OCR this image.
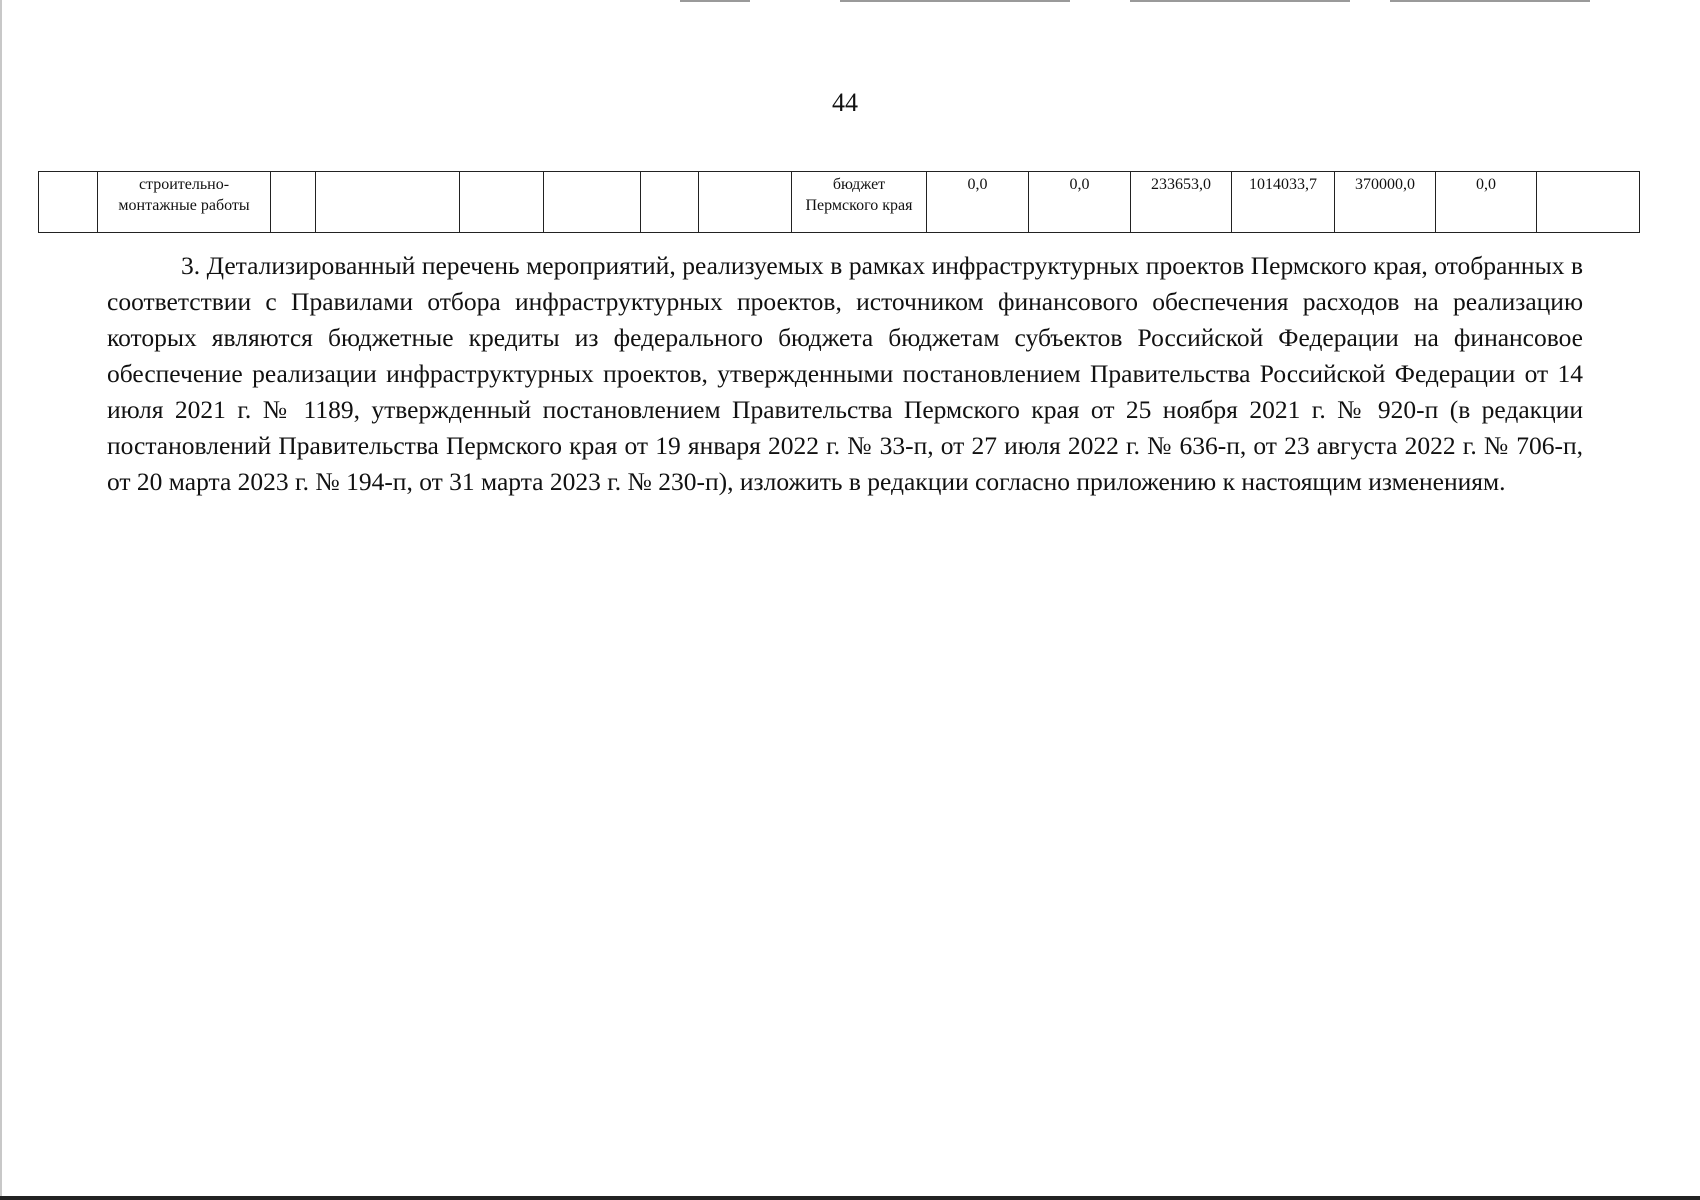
44
	строительно-монтажные работы							бюджет Пермского края	0,0	0,0	233653,0	1014033,7	370000,0	0,0	

3. Детализированный перечень мероприятий, реализуемых в рамках инфраструктурных проектов Пермского края, отобранных в соответствии с Правилами отбора инфраструктурных проектов, источником финансового обеспечения расходов на реализацию которых являются бюджетные кредиты из федерального бюджета бюджетам субъектов Российской Федерации на финансовое обеспечение реализации инфраструктурных проектов, утвержденными постановлением Правительства Российской Федерации от 14 июля 2021 г. № 1189, утвержденный постановлением Правительства Пермского края от 25 ноября 2021 г. № 920-п (в редакции постановлений Правительства Пермского края от 19 января 2022 г. № 33-п, от 27 июля 2022 г. № 636-п, от 23 августа 2022 г. № 706-п, от 20 марта 2023 г. № 194-п, от 31 марта 2023 г. № 230-п), изложить в редакции согласно приложению к настоящим изменениям.
